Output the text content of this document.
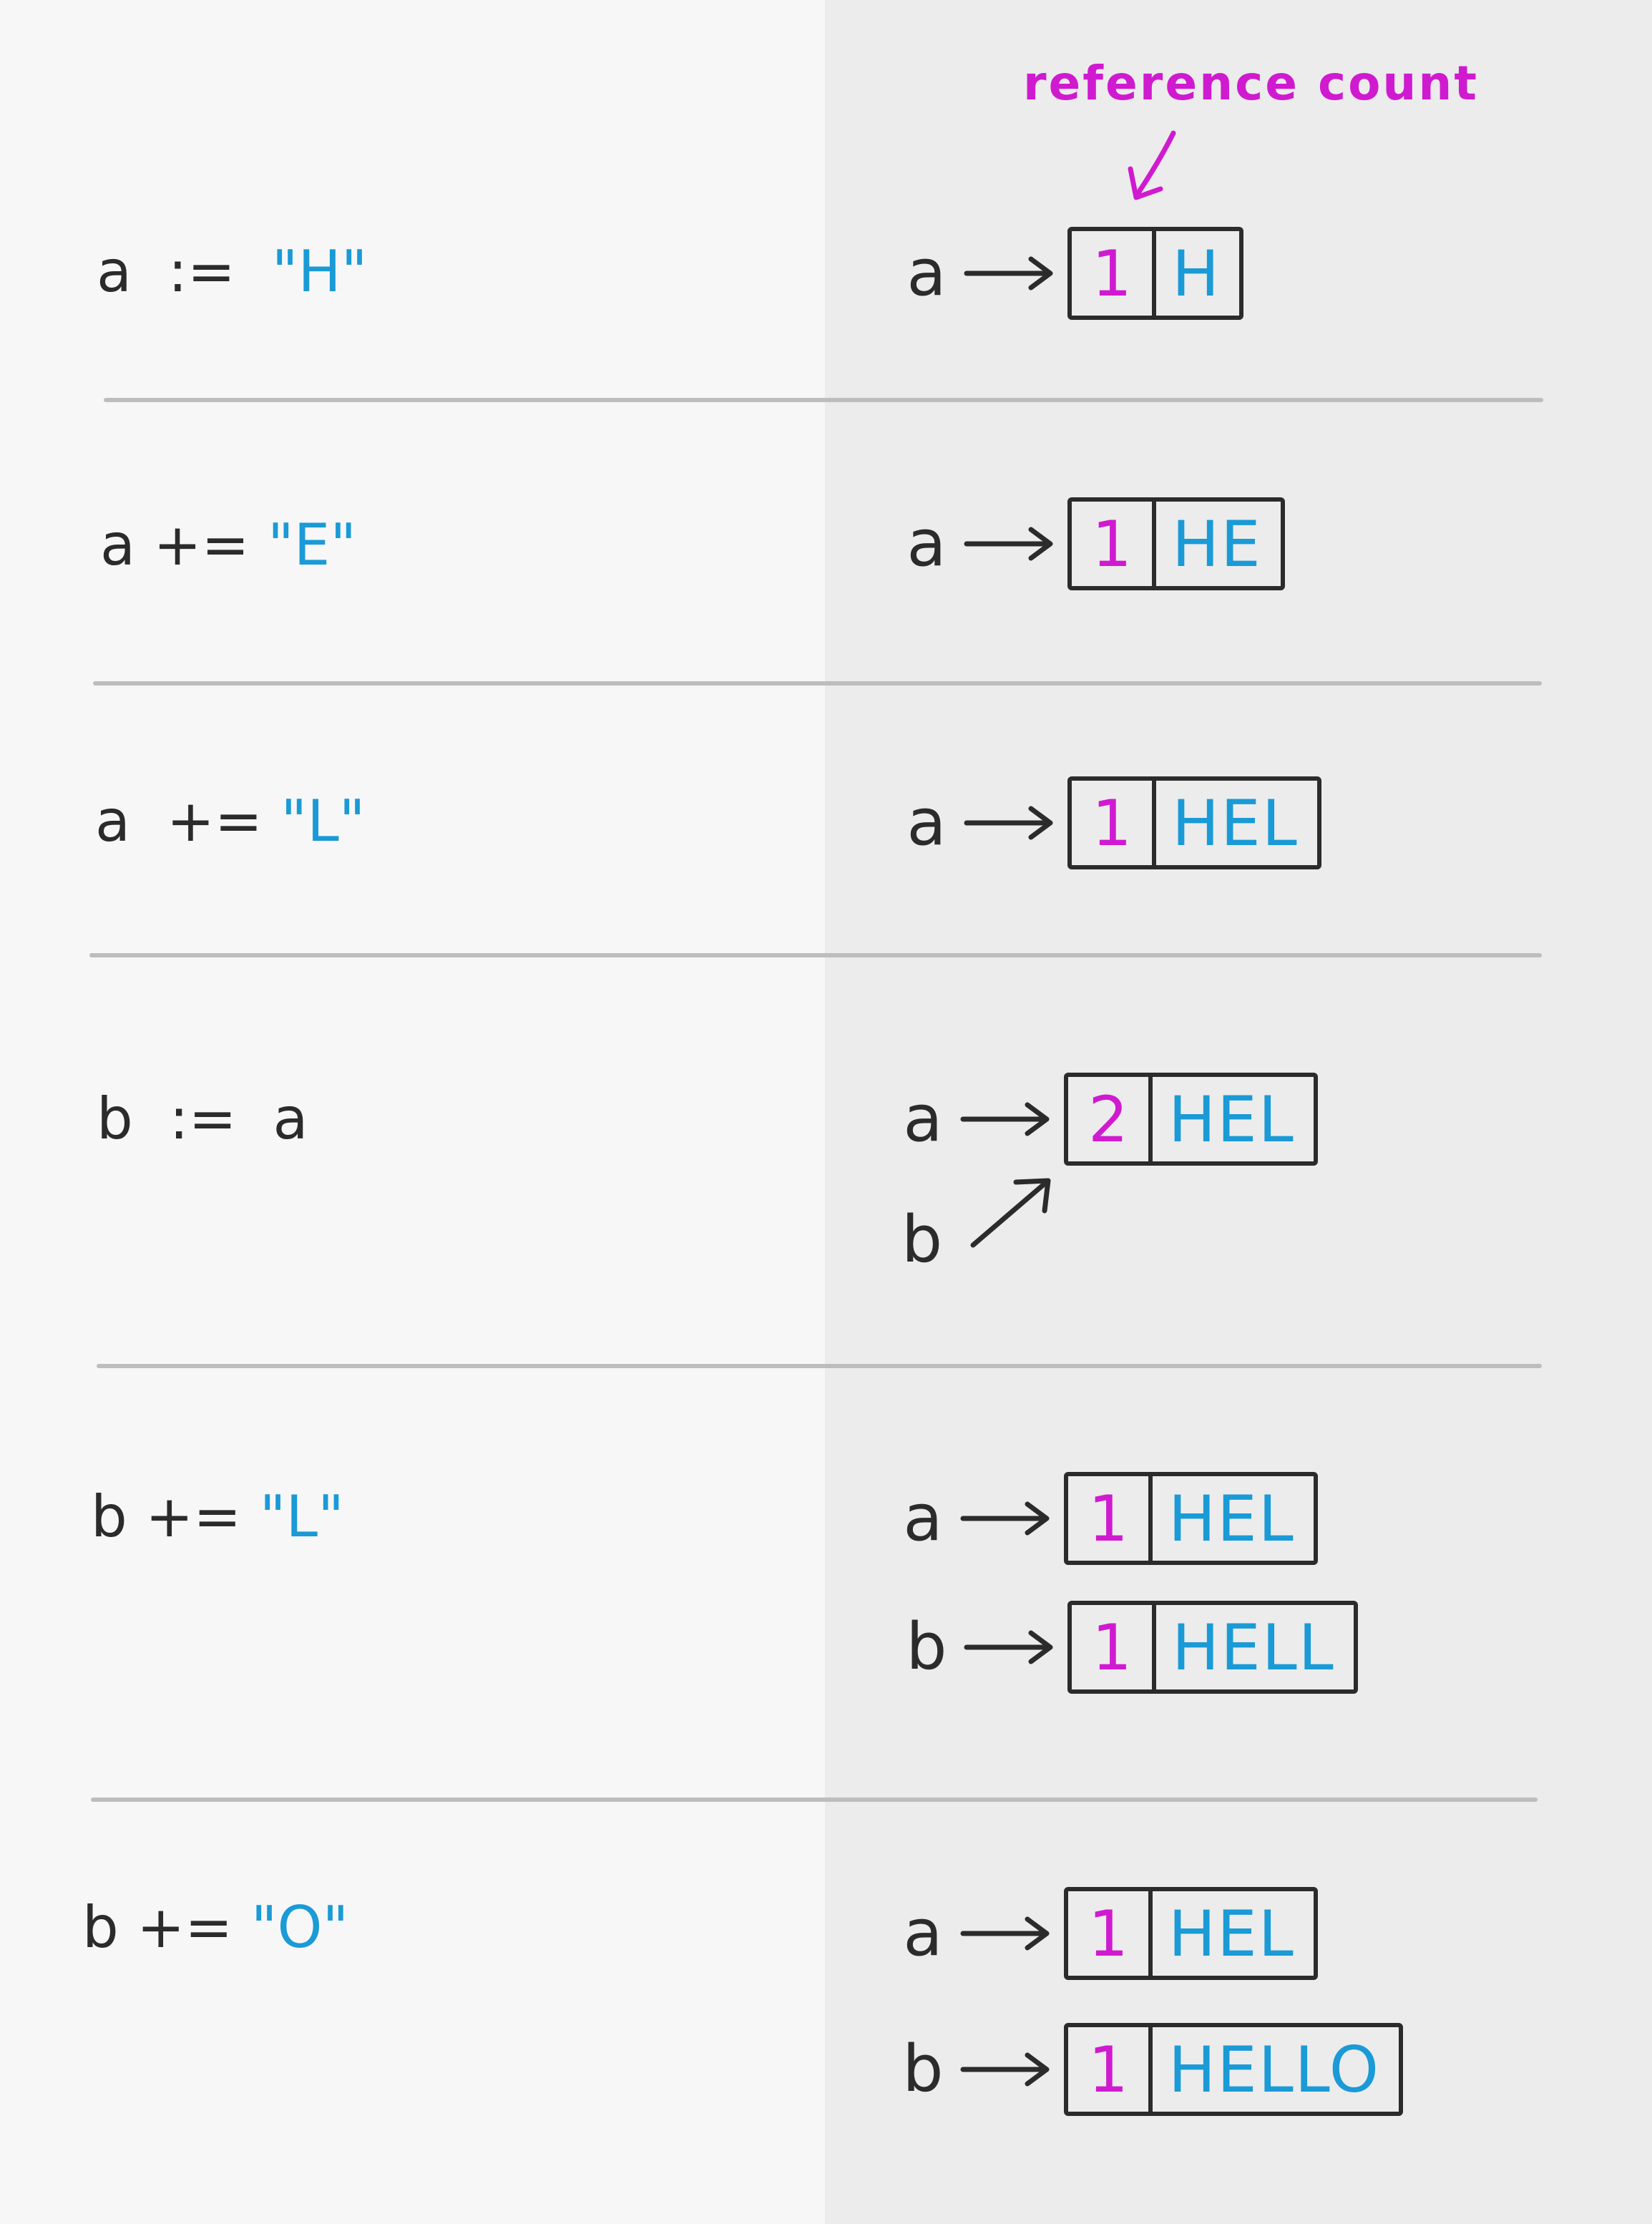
reference count
a := "H"	a	1 H
a += "E"	a	1 HE
a += "L"	a	1 HEL
b := a	a	2 HEL
b
b += "L"	a	1 HEL
b	1 HELL
b += "O"	a	1 HEL
b	1 HELLO
